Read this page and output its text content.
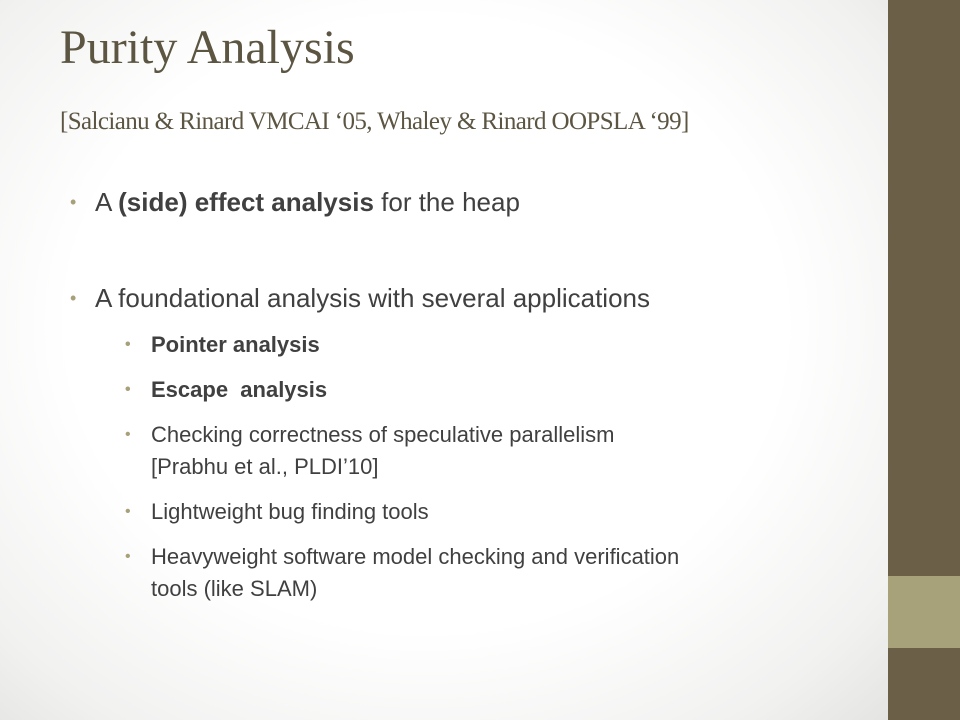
Purity Analysis
[Salcianu & Rinard VMCAI ‘05, Whaley & Rinard OOPSLA ‘99]
• A (side) effect analysis for the heap
• A foundational analysis with several applications
• Pointer analysis
• Escape  analysis
• Checking correctness of speculative parallelism
[Prabhu et al., PLDI’10]
• Lightweight bug finding tools
• Heavyweight software model checking and verification
tools (like SLAM)
